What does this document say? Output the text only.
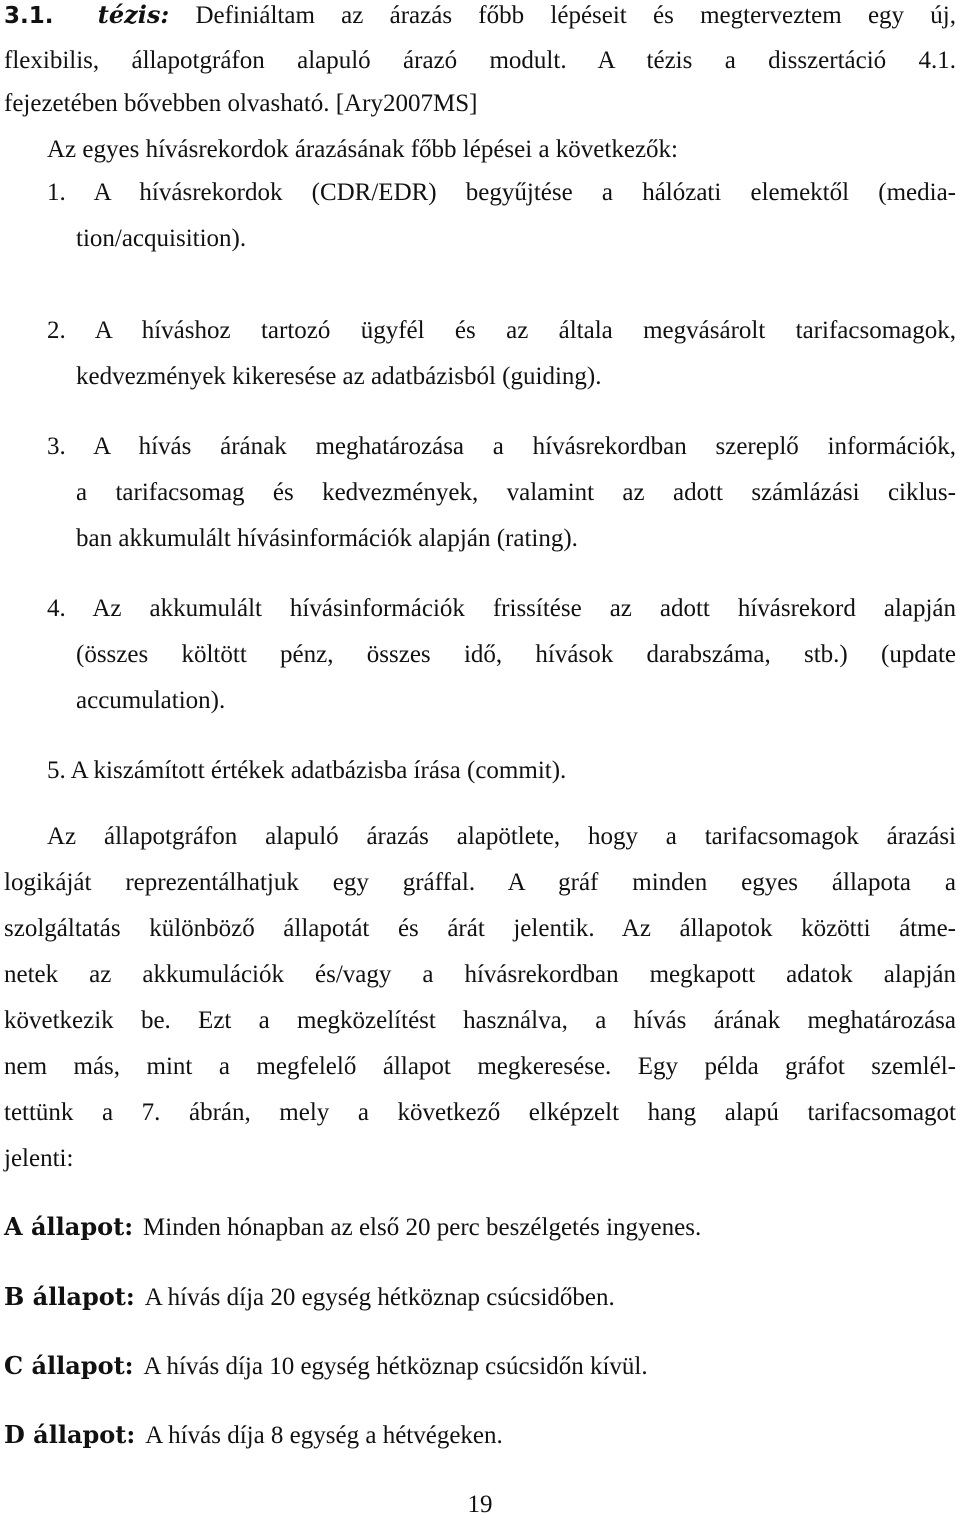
3.1. tézis: Definiáltam az árazás főbb lépéseit és megterveztem egy új,
flexibilis, állapotgráfon alapuló árazó modult. A tézis a disszertáció 4.1.
fejezetében bővebben olvasható. [Ary2007MS]
Az egyes hívásrekordok árazásának főbb lépései a következők:
1. A hívásrekordok (CDR/EDR) begyűjtése a hálózati elemektől (media-
tion/acquisition).
2. A híváshoz tartozó ügyfél és az általa megvásárolt tarifacsomagok,
kedvezmények kikeresése az adatbázisból (guiding).
3. A hívás árának meghatározása a hívásrekordban szereplő információk,
a tarifacsomag és kedvezmények, valamint az adott számlázási ciklus-
ban akkumulált hívásinformációk alapján (rating).
4. Az akkumulált hívásinformációk frissítése az adott hívásrekord alapján
(összes költött pénz, összes idő, hívások darabszáma, stb.) (update
accumulation).
5. A kiszámított értékek adatbázisba írása (commit).
Az állapotgráfon alapuló árazás alapötlete, hogy a tarifacsomagok árazási
logikáját reprezentálhatjuk egy gráffal. A gráf minden egyes állapota a
szolgáltatás különböző állapotát és árát jelentik. Az állapotok közötti átme-
netek az akkumulációk és/vagy a hívásrekordban megkapott adatok alapján
következik be. Ezt a megközelítést használva, a hívás árának meghatározása
nem más, mint a megfelelő állapot megkeresése. Egy példa gráfot szemlél-
tettünk a 7. ábrán, mely a következő elképzelt hang alapú tarifacsomagot
jelenti:
A állapot: Minden hónapban az első 20 perc beszélgetés ingyenes.
B állapot: A hívás díja 20 egység hétköznap csúcsidőben.
C állapot: A hívás díja 10 egység hétköznap csúcsidőn kívül.
D állapot: A hívás díja 8 egység a hétvégeken.
19
